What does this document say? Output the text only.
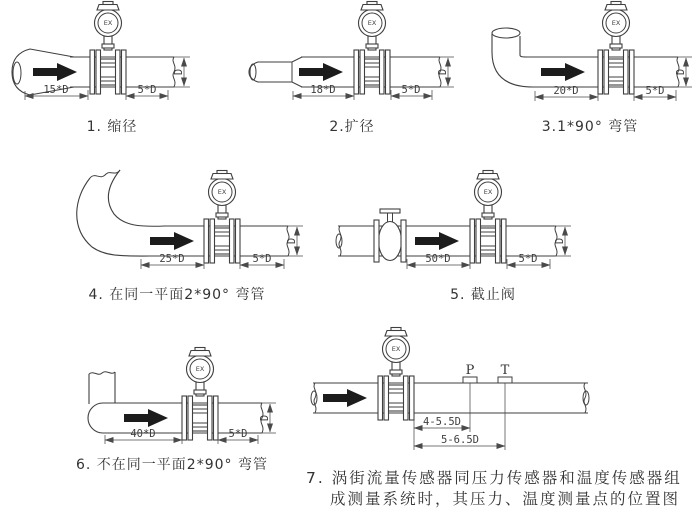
15*D	5*D
D
1. 缩径
18*D	5*D
D
2.扩径
20*D	5*D
D
3.1*90° 弯管
25*D	5*D
D
4. 在同一平面2*90° 弯管
50*D	5*D
D
5. 截止阀
40*D	5*D
D
6. 不在同一平面2*90° 弯管
P T
4-5.5D
5-6.5D
7. 涡街流量传感器同压力传感器和温度传感器组
成测量系统时，其压力、温度测量点的位置图
